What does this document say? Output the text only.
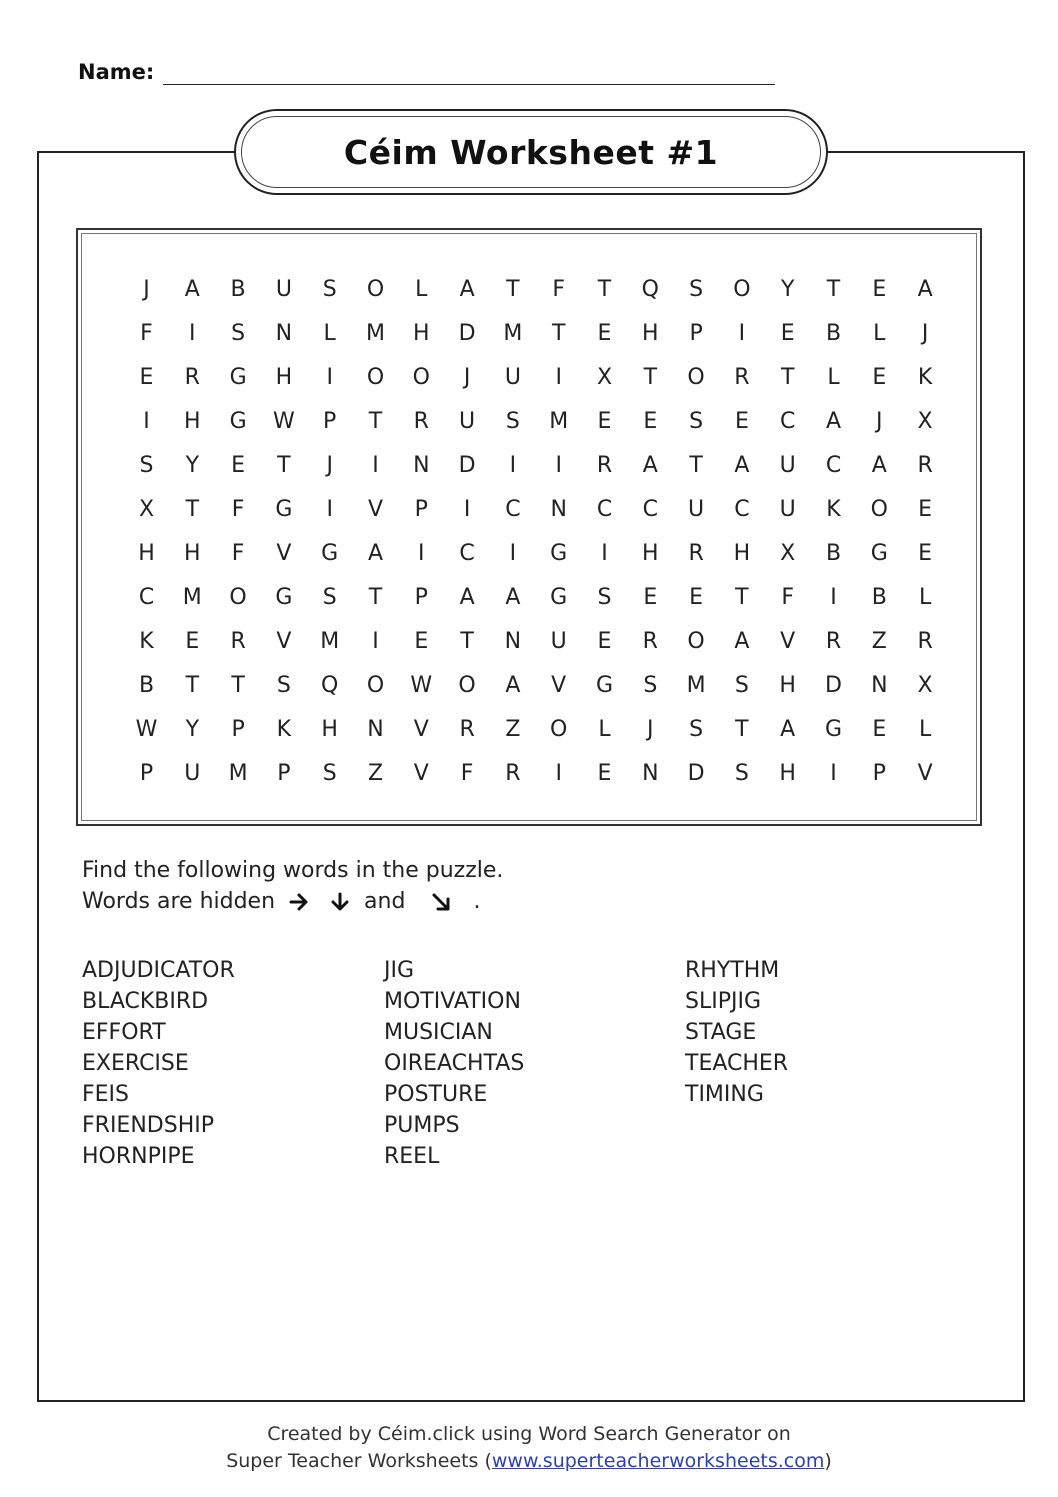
Name:
Céim Worksheet #1
J	A	B	U	S	O	L	A	T	F	T	Q	S	O	Y	T	E	A
F	I	S	N	L	M	H	D	M	T	E	H	P	I	E	B	L	J
E	R	G	H	I	O	O	J	U	I	X	T	O	R	T	L	E	K
I	H	G	W	P	T	R	U	S	M	E	E	S	E	C	A	J	X
S	Y	E	T	J	I	N	D	I	I	R	A	T	A	U	C	A	R
X	T	F	G	I	V	P	I	C	N	C	C	U	C	U	K	O	E
H	H	F	V	G	A	I	C	I	G	I	H	R	H	X	B	G	E
C	M	O	G	S	T	P	A	A	G	S	E	E	T	F	I	B	L
K	E	R	V	M	I	E	T	N	U	E	R	O	A	V	R	Z	R
B	T	T	S	Q	O	W	O	A	V	G	S	M	S	H	D	N	X
W	Y	P	K	H	N	V	R	Z	O	L	J	S	T	A	G	E	L
P	U	M	P	S	Z	V	F	R	I	E	N	D	S	H	I	P	V
Find the following words in the puzzle.
Words are hidden
	and	.
ADJUDICATOR
BLACKBIRD
EFFORT
EXERCISE
FEIS
FRIENDSHIP
HORNPIPE
JIG
MOTIVATION
MUSICIAN
OIREACHTAS
POSTURE
PUMPS
REEL
RHYTHM
SLIPJIG
STAGE
TEACHER
TIMING
Created by Céim.click using Word Search Generator on
Super Teacher Worksheets (www.superteacherworksheets.com)
